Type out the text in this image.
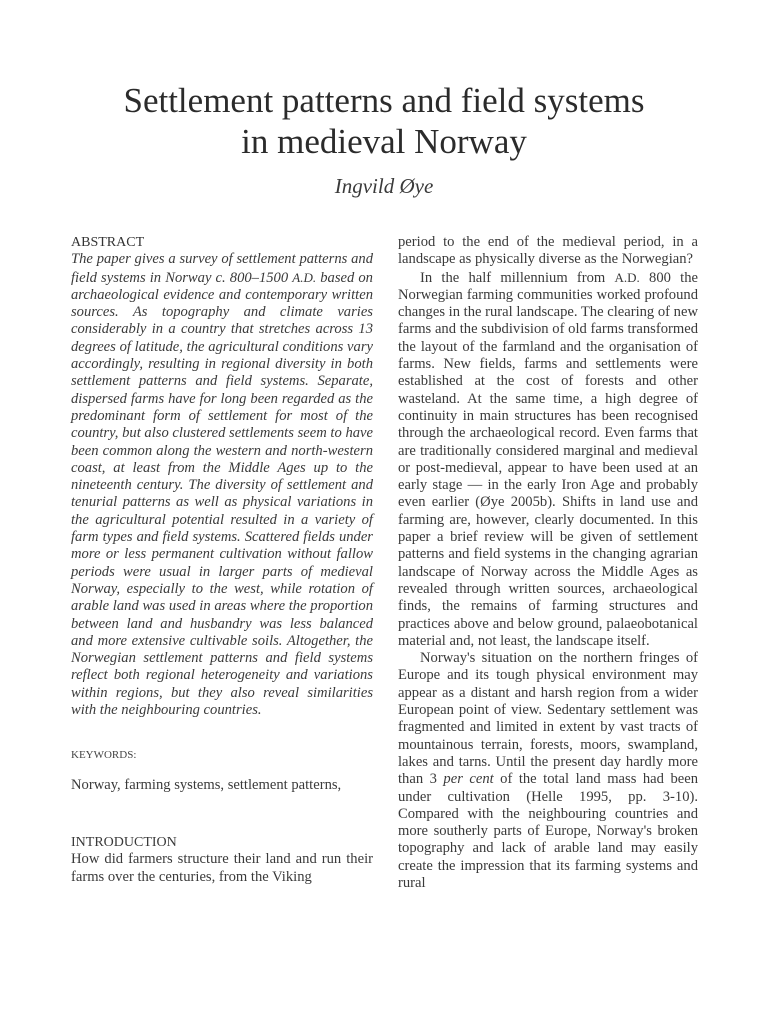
Settlement patterns and field systems
in medieval Norway
Ingvild Øye
ABSTRACT

The paper gives a survey of settlement patterns and field systems in Norway c. 800–1500 A.D. based on archaeological evidence and contemporary written sources. As topography and climate varies considerably in a country that stretches across 13 degrees of latitude, the agricultural conditions vary accordingly, resulting in regional diversity in both settlement patterns and field systems. Separate, dispersed farms have for long been regarded as the predominant form of settlement for most of the country, but also clustered settlements seem to have been common along the western and north-western coast, at least from the Middle Ages up to the nineteenth century. The diversity of settlement and tenurial patterns as well as physical variations in the agricultural potential resulted in a variety of farm types and field systems. Scattered fields under more or less permanent cultivation without fallow periods were usual in larger parts of medieval Norway, especially to the west, while rotation of arable land was used in areas where the proportion between land and husbandry was less balanced and more extensive cultivable soils. Altogether, the Norwegian settlement patterns and field systems reflect both regional heterogeneity and variations within regions, but they also reveal similarities with the neighbouring countries.

KEYWORDS:
Norway, farming systems, settlement patterns,
INTRODUCTION

How did farmers structure their land and run their farms over the centuries, from the Viking

period to the end of the medieval period, in a landscape as physically diverse as the Norwegian?

In the half millennium from A.D. 800 the Norwegian farming communities worked profound changes in the rural landscape. The clearing of new farms and the subdivision of old farms transformed the layout of the farmland and the organisation of farms. New fields, farms and settlements were established at the cost of forests and other wasteland. At the same time, a high degree of continuity in main structures has been recognised through the archaeological record. Even farms that are traditionally considered marginal and medieval or post-medieval, appear to have been used at an early stage — in the early Iron Age and probably even earlier (Øye 2005b). Shifts in land use and farming are, however, clearly documented. In this paper a brief review will be given of settlement patterns and field systems in the changing agrarian landscape of Norway across the Middle Ages as revealed through written sources, archaeological finds, the remains of farming structures and practices above and below ground, palaeobotanical material and, not least, the landscape itself.

Norway's situation on the northern fringes of Europe and its tough physical environment may appear as a distant and harsh region from a wider European point of view. Sedentary settlement was fragmented and limited in extent by vast tracts of mountainous terrain, forests, moors, swampland, lakes and tarns. Until the present day hardly more than 3 per cent of the total land mass had been under cultivation (Helle 1995, pp. 3-10). Compared with the neighbouring countries and more southerly parts of Europe, Norway's broken topography and lack of arable land may easily create the impression that its farming systems and rural
